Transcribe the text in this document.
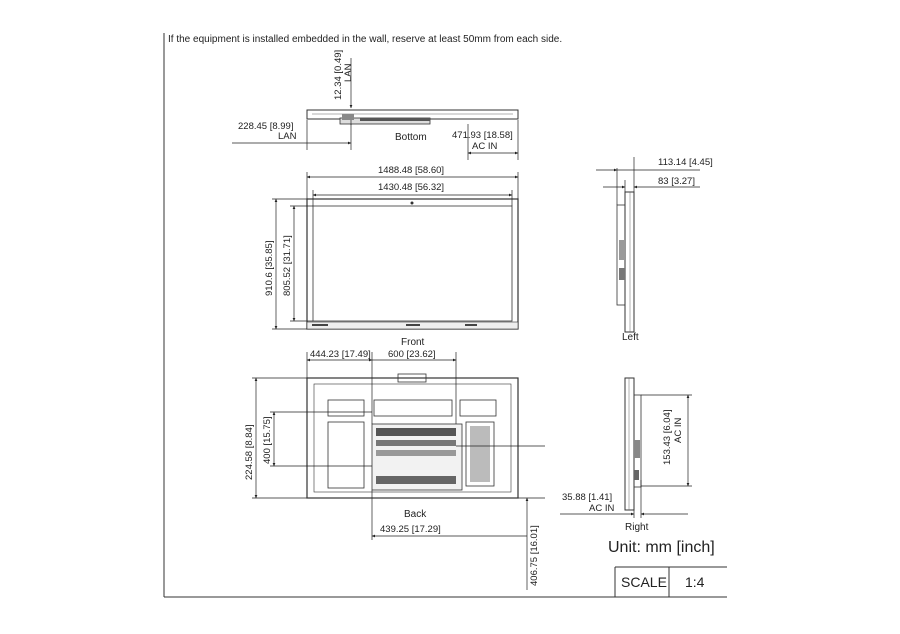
If the equipment is installed embedded in the wall, reserve at least 50mm from each side.
12.34 [0.49] LAN
228.45 [8.99]
LAN	471.93 [18.58]
AC IN
Bottom
1488.48 [58.60]
1430.48 [56.32]
910.6 [35.85] 805.52 [31.71]
Front
113.14 [4.45]
83 [3.27]
Left
444.23 [17.49] 600 [23.62]
224.58 [8.84] 400 [15.75]
439.25 [17.29]	406.75 [16.01]
Back
153.43 [6.04] AC IN
35.88 [1.41]
AC IN
Right
Unit: mm [inch]
SCALE 1:4
